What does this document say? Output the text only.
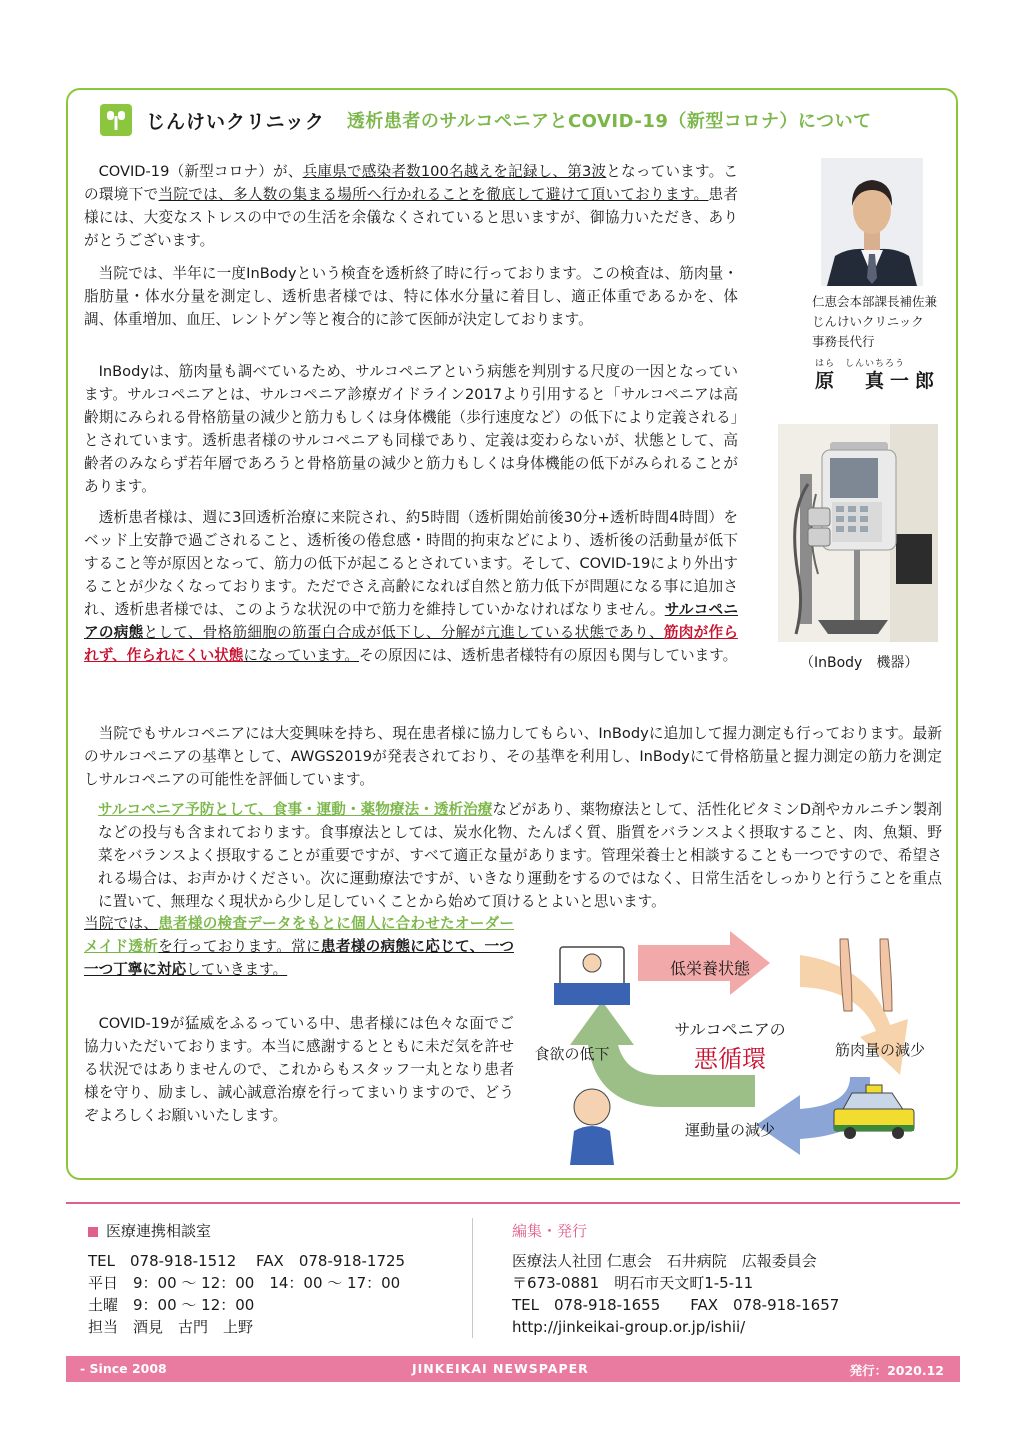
じんけいクリニック 透析患者のサルコペニアとCOVID-19（新型コロナ）について

COVID-19（新型コロナ）が、兵庫県で感染者数100名越えを記録し、第3波となっています。この環境下で当院では、多人数の集まる場所へ行かれることを徹底して避けて頂いております。患者様には、大変なストレスの中での生活を余儀なくされていると思いますが、御協力いただき、ありがとうございます。

当院では、半年に一度InBodyという検査を透析終了時に行っております。この検査は、筋肉量・脂肪量・体水分量を測定し、透析患者様では、特に体水分量に着目し、適正体重であるかを、体調、体重増加、血圧、レントゲン等と複合的に診て医師が決定しております。

InBodyは、筋肉量も調べているため、サルコペニアという病態を判別する尺度の一因となっています。サルコペニアとは、サルコペニア診療ガイドライン2017より引用すると「サルコペニアは高齢期にみられる骨格筋量の減少と筋力もしくは身体機能（歩行速度など）の低下により定義される」とされています。透析患者様のサルコペニアも同様であり、定義は変わらないが、状態として、高齢者のみならず若年層であろうと骨格筋量の減少と筋力もしくは身体機能の低下がみられることがあります。

透析患者様は、週に3回透析治療に来院され、約5時間（透析開始前後30分+透析時間4時間）をベッド上安静で過ごされること、透析後の倦怠感・時間的拘束などにより、透析後の活動量が低下すること等が原因となって、筋力の低下が起こるとされています。そして、COVID-19により外出することが少なくなっております。ただでさえ高齢になれば自然と筋力低下が問題になる事に追加され、透析患者様では、このような状況の中で筋力を維持していかなければなりません。サルコペニアの病態として、骨格筋細胞の筋蛋白合成が低下し、分解が亢進している状態であり、筋肉が作られず、作られにくい状態になっています。その原因には、透析患者様特有の原因も関与しています。

当院でもサルコペニアには大変興味を持ち、現在患者様に協力してもらい、InBodyに追加して握力測定も行っております。最新のサルコペニアの基準として、AWGS2019が発表されており、その基準を利用し、InBodyにて骨格筋量と握力測定の筋力を測定しサルコペニアの可能性を評価しています。

サルコペニア予防として、食事・運動・薬物療法・透析治療などがあり、薬物療法として、活性化ビタミンD剤やカルニチン製剤などの投与も含まれております。食事療法としては、炭水化物、たんぱく質、脂質をバランスよく摂取すること、肉、魚類、野菜をバランスよく摂取することが重要ですが、すべて適正な量があります。管理栄養士と相談することも一つですので、希望される場合は、お声かけください。次に運動療法ですが、いきなり運動をするのではなく、日常生活をしっかりと行うことを重点に置いて、無理なく現状から少し足していくことから始めて頂けるとよいと思います。

当院では、患者様の検査データをもとに個人に合わせたオーダーメイド透析を行っております。常に患者様の病態に応じて、一つ一つ丁寧に対応していきます。

COVID-19が猛威をふるっている中、患者様には色々な面でご協力いただいております。本当に感謝するとともに未だ気を許せる状況ではありませんので、これからもスタッフ一丸となり患者様を守り、励まし、誠心誠意治療を行ってまいりますので、どうぞよろしくお願いいたします。

仁恵会本部課長補佐兼
じんけいクリニック
事務長代行
はら　しんいちろう
原　真一郎
（InBody　機器）
低栄養状態
筋肉量の減少
運動量の減少
食欲の低下
サルコペニアの
悪循環
医療連携相談室
TEL　078-918-1512　 FAX　078-918-1725
平日　9：00 ～ 12：00　14：00 ～ 17：00
土曜　9：00 ～ 12：00
担当　酒見　古門　上野
編集・発行
医療法人社団 仁恵会　石井病院　広報委員会
〒673-0881　明石市天文町1-5-11
TEL　078-918-1655　　FAX　078-918-1657
http://jinkeikai-group.or.jp/ishii/
- Since 2008	JINKEIKAI NEWSPAPER	発行：2020.12
